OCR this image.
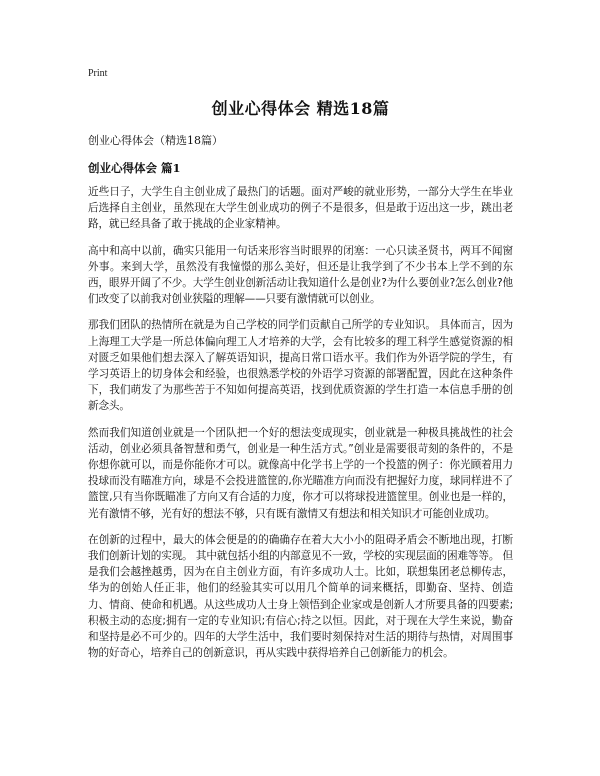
Print
创业心得体会 精选18篇

创业心得体会（精选18篇）

创业心得体会 篇1

近些日子，大学生自主创业成了最热门的话题。面对严峻的就业形势，一部分大学生在毕业后选择自主创业，虽然现在大学生创业成功的例子不是很多，但是敢于迈出这一步，跳出老路，就已经具备了敢于挑战的企业家精神。

高中和高中以前，确实只能用一句话来形容当时眼界的闭塞：一心只读圣贤书，两耳不闻窗外事。来到大学，虽然没有我憧憬的那么美好，但还是让我学到了不少书本上学不到的东西，眼界开阔了不少。大学生创业创新活动让我知道什么是创业?为什么要创业?怎么创业?他们改变了以前我对创业狭隘的理解——只要有激情就可以创业。

那我们团队的热情所在就是为自己学校的同学们贡献自己所学的专业知识。 具体而言，因为上海理工大学是一所总体偏向理工人才培养的大学，会有比较多的理工科学生感觉资源的相对匮乏如果他们想去深入了解英语知识，提高日常口语水平。我们作为外语学院的学生，有学习英语上的切身体会和经验，也很熟悉学校的外语学习资源的部署配置，因此在这种条件下，我们萌发了为那些苦于不知如何提高英语，找到优质资源的学生打造一本信息手册的创新念头。

然而我们知道创业就是一个团队把一个好的想法变成现实，创业就是一种极具挑战性的社会活动，创业必须具备智慧和勇气，创业是一种生活方式。”创业是需要很苛刻的条件的，不是你想你就可以，而是你能你才可以。就像高中化学书上学的一个投篮的例子：你光顾着用力投球而没有瞄准方向，球是不会投进篮筐的,你光瞄准方向而没有把握好力度，球同样进不了篮筐,只有当你既瞄准了方向又有合适的力度，你才可以将球投进篮筐里。创业也是一样的，光有激情不够，光有好的想法不够，只有既有激情又有想法和相关知识才可能创业成功。

在创新的过程中，最大的体会便是的的确确存在着大大小小的阻碍矛盾会不断地出现，打断我们创新计划的实现。 其中就包括小组的内部意见不一致，学校的实现层面的困难等等。 但是我们会越挫越勇，因为在自主创业方面，有许多成功人士。比如，联想集团老总柳传志，华为的创始人任正非，他们的经验其实可以用几个简单的词来概括，即勤奋、坚持、创造力、情商、使命和机遇。从这些成功人士身上领悟到企业家或是创新人才所要具备的四要素;积极主动的态度;拥有一定的专业知识;有信心;持之以恒。因此，对于现在大学生来说，勤奋和坚持是必不可少的。四年的大学生活中，我们要时刻保持对生活的期待与热情，对周围事物的好奇心，培养自己的创新意识，再从实践中获得培养自己创新能力的机会。
